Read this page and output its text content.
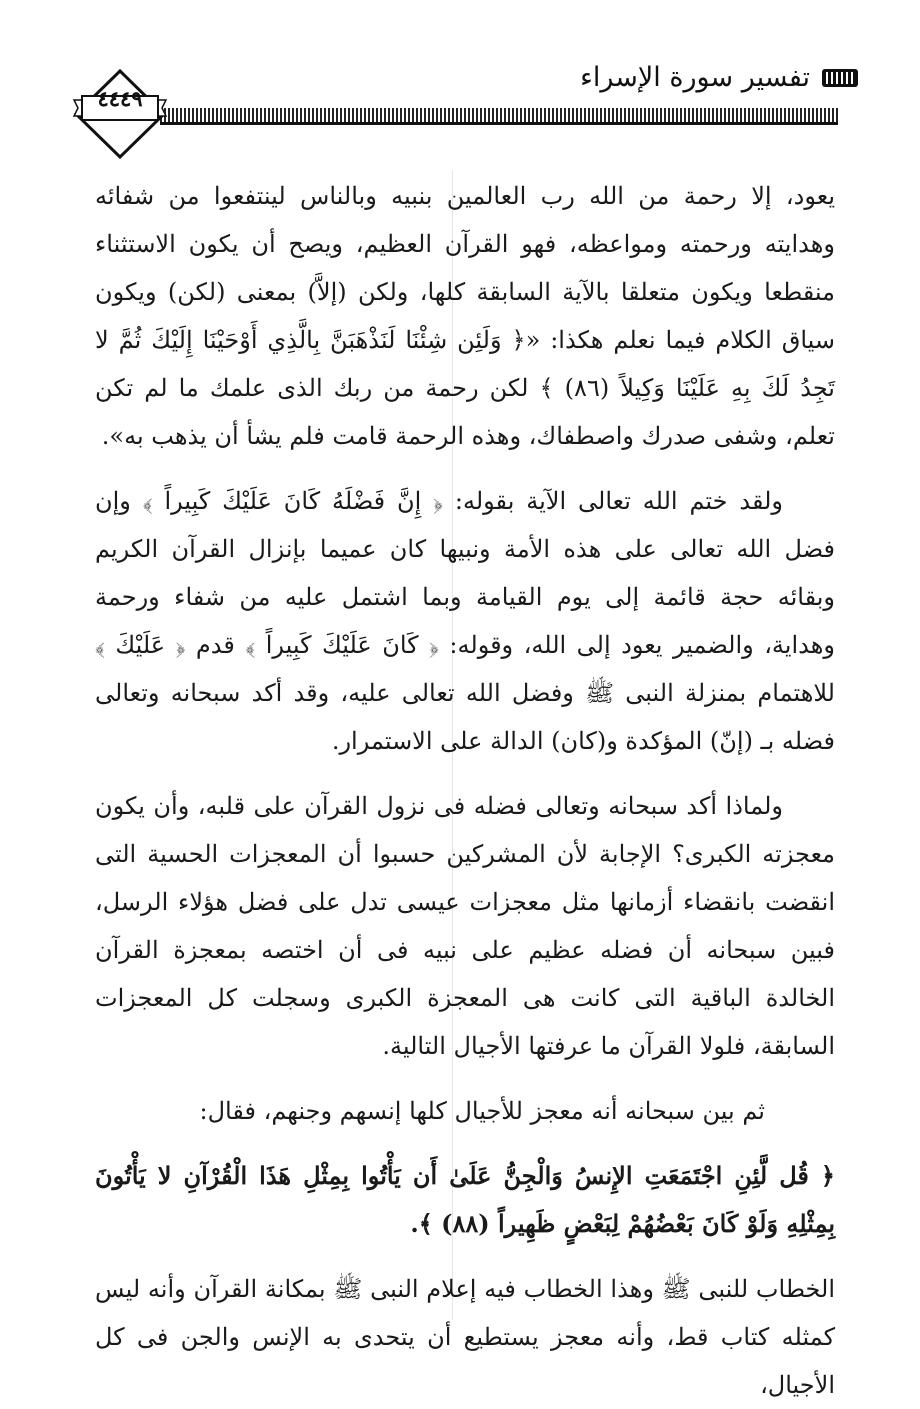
تفسير سورة الإسراء
٤٤٤٩

يعود، إلا رحمة من الله رب العالمين بنبيه وبالناس لينتفعوا من شفائه وهدايته ورحمته ومواعظه، فهو القرآن العظيم، ويصح أن يكون الاستثناء منقطعا ويكون متعلقا بالآية السابقة كلها، ولكن (إلاَّ) بمعنى (لكن) ويكون سياق الكلام فيما نعلم هكذا: «﴿ وَلَئِن شِئْنَا لَنَذْهَبَنَّ بِالَّذِي أَوْحَيْنَا إِلَيْكَ ثُمَّ لا تَجِدُ لَكَ بِهِ عَلَيْنَا وَكِيلاً (٨٦) ﴾ لكن رحمة من ربك الذى علمك ما لم تكن تعلم، وشفى صدرك واصطفاك، وهذه الرحمة قامت فلم يشأ أن يذهب به».

ولقد ختم الله تعالى الآية بقوله: ﴿ إِنَّ فَضْلَهُ كَانَ عَلَيْكَ كَبِيراً ﴾ وإن فضل الله تعالى على هذه الأمة ونبيها كان عميما بإنزال القرآن الكريم وبقائه حجة قائمة إلى يوم القيامة وبما اشتمل عليه من شفاء ورحمة وهداية، والضمير يعود إلى الله، وقوله: ﴿ كَانَ عَلَيْكَ كَبِيراً ﴾ قدم ﴿ عَلَيْكَ ﴾ للاهتمام بمنزلة النبى ﷺ وفضل الله تعالى عليه، وقد أكد سبحانه وتعالى فضله بـ (إنّ) المؤكدة و(كان) الدالة على الاستمرار.

ولماذا أكد سبحانه وتعالى فضله فى نزول القرآن على قلبه، وأن يكون معجزته الكبرى؟ الإجابة لأن المشركين حسبوا أن المعجزات الحسية التى انقضت بانقضاء أزمانها مثل معجزات عيسى تدل على فضل هؤلاء الرسل، فبين سبحانه أن فضله عظيم على نبيه فى أن اختصه بمعجزة القرآن الخالدة الباقية التى كانت هى المعجزة الكبرى وسجلت كل المعجزات السابقة، فلولا القرآن ما عرفتها الأجيال التالية.

ثم بين سبحانه أنه معجز للأجيال كلها إنسهم وجنهم، فقال:

﴿ قُل لَّئِنِ اجْتَمَعَتِ الإِنسُ وَالْجِنُّ عَلَىٰ أَن يَأْتُوا بِمِثْلِ هَذَا الْقُرْآنِ لا يَأْتُونَ بِمِثْلِهِ وَلَوْ كَانَ بَعْضُهُمْ لِبَعْضٍ ظَهِيراً (٨٨) ﴾.

الخطاب للنبى ﷺ وهذا الخطاب فيه إعلام النبى ﷺ بمكانة القرآن وأنه ليس كمثله كتاب قط، وأنه معجز يستطيع أن يتحدى به الإنس والجن فى كل الأجيال،
